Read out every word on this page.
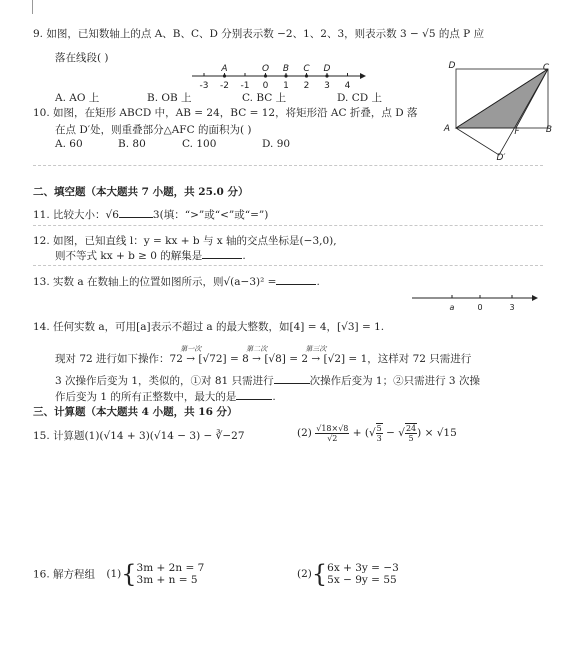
9. 如图，已知数轴上的点 A、B、C、D 分别表示数 −2、1、2、3，则表示数 3 − √5 的点 P 应
落在线段( )
-3 -2 -1 0 1 2 3 4
A	O B C D
A. AO 上	B. OB 上	C. BC 上	D. CD 上
D	C
A	F	B
D′
10. 如图，在矩形 ABCD 中，AB = 24，BC = 12，将矩形沿 AC 折叠，点 D 落
在点 D′处，则重叠部分△AFC 的面积为( )
A. 60	B. 80	C. 100	D. 90
二、填空题（本大题共 7 小题，共 25.0 分）
11. 比较大小：√6	3(填：“>”或“<”或“=”)
12. 如图，已知直线 l：y = kx + b 与 x 轴的交点坐标是(−3,0),
则不等式 kx + b ≥ 0 的解集是	.
13. 实数 a 在数轴上的位置如图所示，则√(a−3)² =	.
a	0	3
14. 任何实数 a，可用[a]表示不超过 a 的最大整数，如[4] = 4，[√3] = 1.
现对 72 进行如下操作：72 →
第一次
[√72] = 8 →
第二次
[√8] = 2 →
第三次
[√2] = 1，这样对 72 只需进行
3 次操作后变为 1，类似的，①对 81 只需进行	次操作后变为 1；②只需进行 3 次操
作后变为 1 的所有正整数中，最大的是	.
三、计算题（本大题共 4 小题，共 16 分）
15. 计算题(1)(√14 + 3)(√14 − 3) − ∛−27	$(2) \frac{√18\times√8}{√2}$ + (√ $\frac{5}{3}$ − √ $\frac{24}{5}$ ) × √15
16. 解方程组 (1){3m + 2n = 7
3m + n = 5	(2){6x + 3y = −3
5x − 9y = 55
